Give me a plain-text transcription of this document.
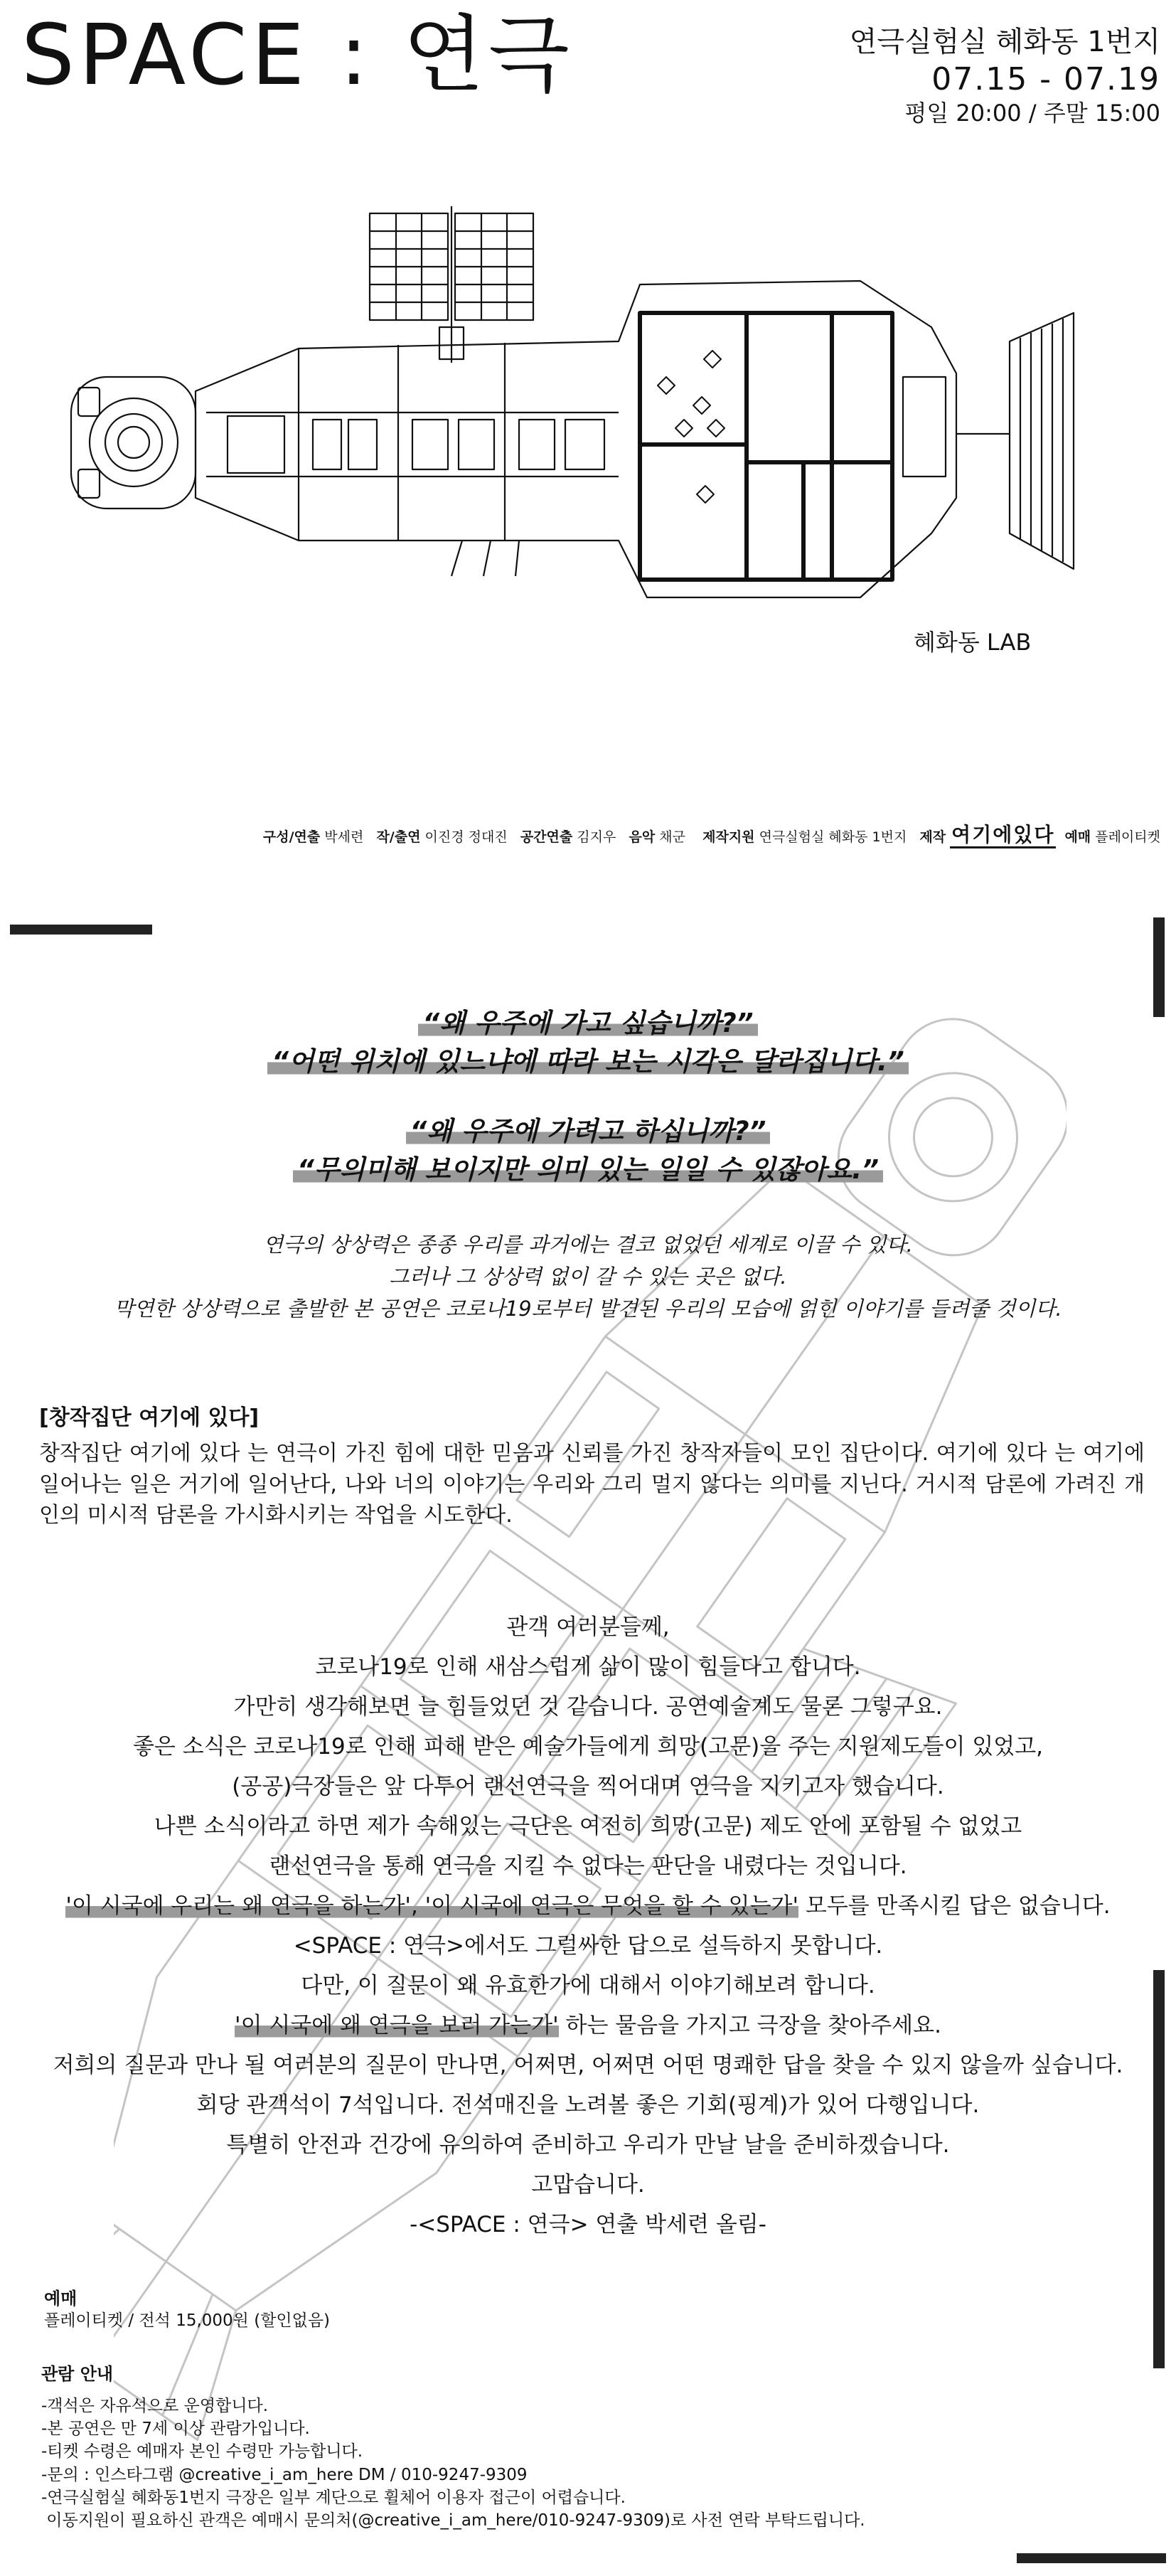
SPACE : 연극	연극실험실 혜화동 1번지
07.15 - 07.19
평일 20:00 / 주말 15:00
혜화동 LAB
구성/연출 박세련 작/출연 이진경 정대진 공간연출 김지우 음악 채군 제작지원 연극실험실 혜화동 1번지 제작 여기에있다 예매 플레이티켓
“왜 우주에 가고 싶습니까?”
“어떤 위치에 있느냐에 따라 보는 시각은 달라집니다.”
“왜 우주에 가려고 하십니까?”
“무의미해 보이지만 의미 있는 일일 수 있잖아요.”
연극의 상상력은 종종 우리를 과거에는 결코 없었던 세계로 이끌 수 있다.
그러나 그 상상력 없이 갈 수 있는 곳은 없다.
막연한 상상력으로 출발한 본 공연은 코로나19로부터 발견된 우리의 모습에 얽힌 이야기를 들려줄 것이다.
[창작집단 여기에 있다]
창작집단 여기에 있다 는 연극이 가진 힘에 대한 믿음과 신뢰를 가진 창작자들이 모인 집단이다. 여기에 있다 는 여기에 일어나는 일은 거기에 일어난다, 나와 너의 이야기는 우리와 그리 멀지 않다는 의미를 지닌다. 거시적 담론에 가려진 개인의 미시적 담론을 가시화시키는 작업을 시도한다.
관객 여러분들께,
코로나19로 인해 새삼스럽게 삶이 많이 힘들다고 합니다.
가만히 생각해보면 늘 힘들었던 것 같습니다. 공연예술계도 물론 그렇구요.
좋은 소식은 코로나19로 인해 피해 받은 예술가들에게 희망(고문)을 주는 지원제도들이 있었고,
(공공)극장들은 앞 다투어 랜선연극을 찍어대며 연극을 지키고자 했습니다.
나쁜 소식이라고 하면 제가 속해있는 극단은 여전히 희망(고문) 제도 안에 포함될 수 없었고
랜선연극을 통해 연극을 지킬 수 없다는 판단을 내렸다는 것입니다.
'이 시국에 우리는 왜 연극을 하는가', '이 시국에 연극은 무엇을 할 수 있는가' 모두를 만족시킬 답은 없습니다.
<SPACE : 연극>에서도 그럴싸한 답으로 설득하지 못합니다.
다만, 이 질문이 왜 유효한가에 대해서 이야기해보려 합니다.
'이 시국에 왜 연극을 보러 가는가' 하는 물음을 가지고 극장을 찾아주세요.
저희의 질문과 만나 될 여러분의 질문이 만나면, 어쩌면, 어쩌면 어떤 명쾌한 답을 찾을 수 있지 않을까 싶습니다.
회당 관객석이 7석입니다. 전석매진을 노려볼 좋은 기회(핑계)가 있어 다행입니다.
특별히 안전과 건강에 유의하여 준비하고 우리가 만날 날을 준비하겠습니다.
고맙습니다.
-<SPACE : 연극> 연출 박세련 올림-
예매
플레이티켓 / 전석 15,000원 (할인없음)
관람 안내
-객석은 자유석으로 운영합니다.
-본 공연은 만 7세 이상 관람가입니다.
-티켓 수령은 예매자 본인 수령만 가능합니다.
-문의 : 인스타그램 @creative_i_am_here DM / 010-9247-9309
-연극실험실 혜화동1번지 극장은 일부 계단으로 휠체어 이용자 접근이 어렵습니다.
이동지원이 필요하신 관객은 예매시 문의처(@creative_i_am_here/010-9247-9309)로 사전 연락 부탁드립니다.
